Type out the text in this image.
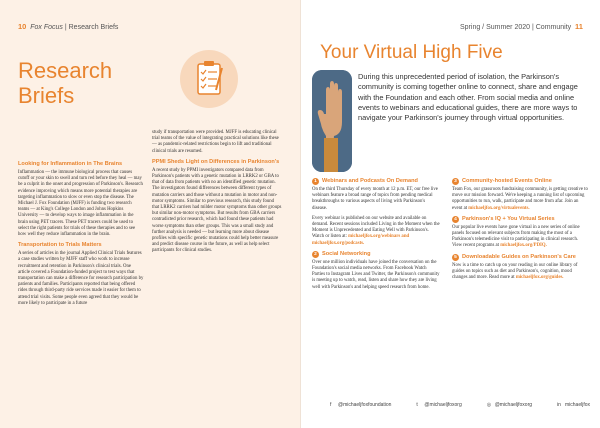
10 Fox Focus | Research Briefs
Research
Briefs
Looking for Inflammation in The Brains

Inflammation — the immune biological process that causes cutoff or your skin to swell and turn red before they heal — may be a culprit in the onset and progression of Parkinson's. Research evidence improving which means more potential therapies are targeting inflammation to slow or even stop the disease. The Michael J. Fox Foundation (MJFF) is funding two research teams — at King's College London and Johns Hopkins University — to develop ways to image inflammation in the brain using PET tracers. These PET tracers could be used to select the right patients for trials of these therapies and to see how well they reduce inflammation in the brain.

Transportation to Trials Matters

A series of articles in the journal Applied Clinical Trials features a case studies written by MJFF staff who work to increase recruitment and retention in Parkinson's clinical trials. One article covered a Foundation-funded project to test ways that transportation can make a difference for research participation by patients and families. Participants reported that being offered rides through third-party ride services made it easier for them to attend trial visits. Some people even agreed that they would be more likely to participate in a future

study if transportation were provided. MJFF is educating clinical trial teams of the value of integrating practical solutions like these — as pandemic-related restrictions begin to lift and traditional clinical trials are resumed.

PPMI Sheds Light on Differences in Parkinson's

A recent study by PPMI investigators compared data from Parkinson's patients with a genetic mutation in LRRK2 or GBA to that of data from patients with no an identified genetic mutation. The investigators found differences between different types of mutation carriers and those without a mutation in motor and non-motor symptoms. Similar to previous research, this study found that LRRK2 carriers had milder motor symptoms than other groups but similar non-motor symptoms. But results from GBA carriers contradicted prior research, which had found these patients had worse symptoms than other groups. This was a small study and further analysis is needed — but learning more about disease profiles with specific genetic mutations could help better measure and predict disease course in the future, as well as help select participants for clinical studies.

Spring / Summer 2020 | Community 11
Your Virtual High Five
During this unprecedented period of isolation, the Parkinson's community is coming together online to connect, share and engage with the Foundation and each other. From social media and online events to webinars and educational guides, there are more ways to navigate your Parkinson's journey through virtual opportunities.
1 Webinars and Podcasts On Demand

On the third Thursday of every month at 12 p.m. ET, our free live webinars feature a broad range of topics from pending medical breakthroughs to various aspects of living with Parkinson's disease.

Every webinar is published on our website and available on demand. Recent sessions included Living in the Moment when the Moment is Unprecedented and Eating Well with Parkinson's. Watch or listen at: michaeljfox.org/webinars and michaeljfox.org/podcasts.

2 Social Networking

Over one million individuals have joined the conversation on the Foundation's social media networks. From Facebook Watch Parties to Instagram Lives and Twitter, the Parkinson's community is meeting up to watch, read, listen and share how they are living well with Parkinson's and helping speed research from home.

3 Community-hosted Events Online

Team Fox, our grassroots fundraising community, is getting creative to move our mission forward. We're keeping a running list of upcoming opportunities to run, walk, participate and more from afar. Join an event at michaeljfox.org/virtualevents.

4 Parkinson's IQ + You Virtual Series

Our popular live events have gone virtual in a new series of online panels focused on relevant subjects from making the most of a Parkinson's telemedicine visit to participating in clinical research. View recent programs at michaeljfox.org/PDIQ.

5 Downloadable Guides on Parkinson's Care

Now is a time to catch up on your reading in our online library of guides on topics such as diet and Parkinson's, cognition, mood changes and more. Read more at michaeljfox.org/guides.

f	@michaeljfoxfoundation	t	@michaeljfoxorg	◎ @michaeljfoxorg	in michaeljfox
